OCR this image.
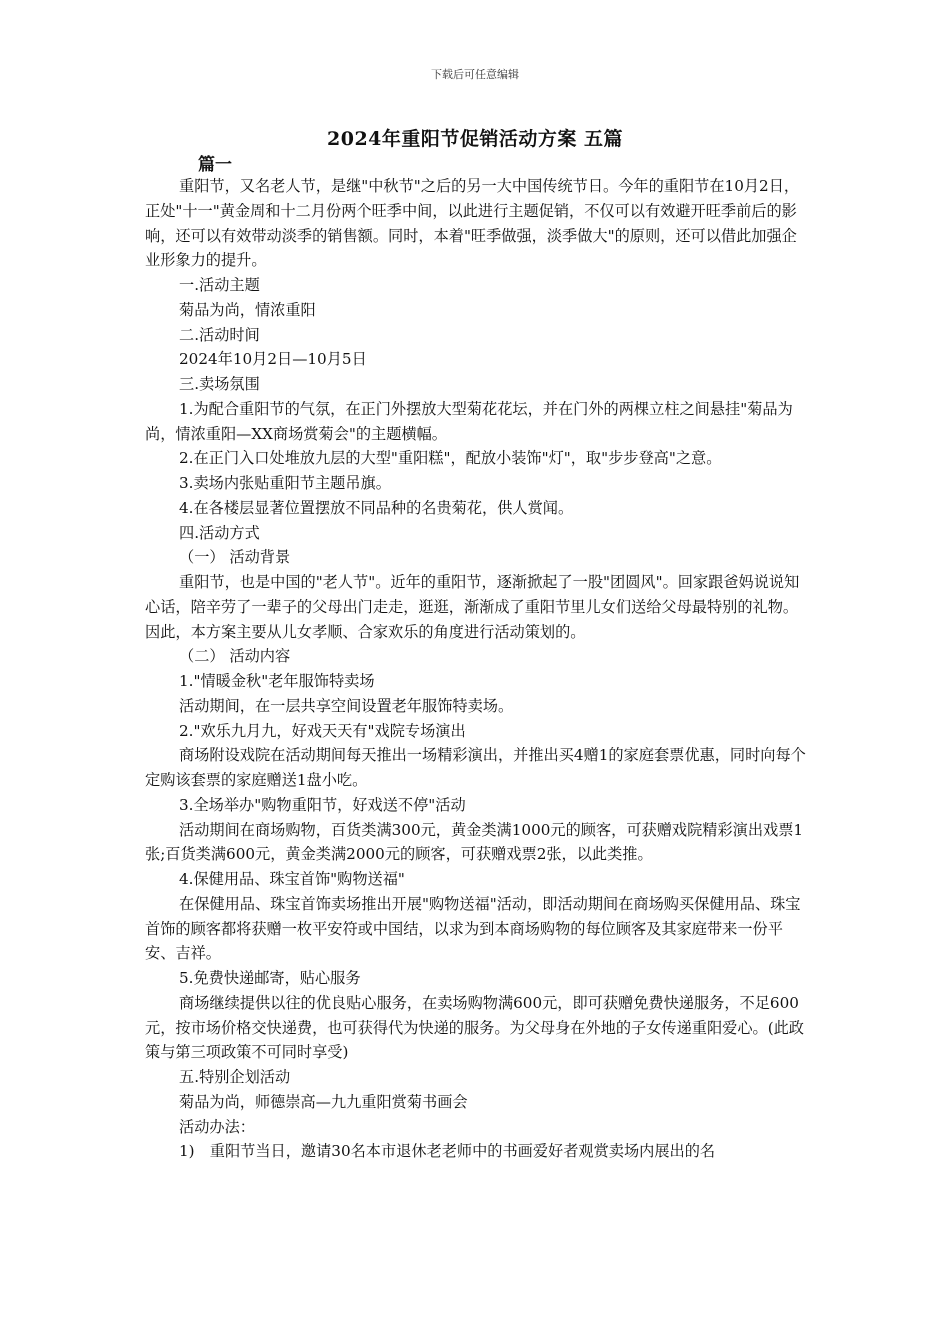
下载后可任意编辑
2024年重阳节促销活动方案 五篇
篇一

重阳节，又名老人节，是继"中秋节"之后的另一大中国传统节日。今年的重阳节在10月2日，正处"十一"黄金周和十二月份两个旺季中间，以此进行主题促销，不仅可以有效避开旺季前后的影响，还可以有效带动淡季的销售额。同时，本着"旺季做强，淡季做大"的原则，还可以借此加强企业形象力的提升。

一.活动主题

菊品为尚，情浓重阳

二.活动时间

2024年10月2日—10月5日

三.卖场氛围

1.为配合重阳节的气氛，在正门外摆放大型菊花花坛，并在门外的两棵立柱之间悬挂"菊品为尚，情浓重阳—XX商场赏菊会"的主题横幅。

2.在正门入口处堆放九层的大型"重阳糕"，配放小装饰"灯"，取"步步登高"之意。

3.卖场内张贴重阳节主题吊旗。

4.在各楼层显著位置摆放不同品种的名贵菊花，供人赏闻。

四.活动方式

（一） 活动背景

重阳节，也是中国的"老人节"。近年的重阳节，逐渐掀起了一股"团圆风"。回家跟爸妈说说知心话，陪辛劳了一辈子的父母出门走走，逛逛，渐渐成了重阳节里儿女们送给父母最特别的礼物。因此，本方案主要从儿女孝顺、合家欢乐的角度进行活动策划的。

（二） 活动内容

1."情暖金秋"老年服饰特卖场

活动期间，在一层共享空间设置老年服饰特卖场。

2."欢乐九月九，好戏天天有"戏院专场演出

商场附设戏院在活动期间每天推出一场精彩演出，并推出买4赠1的家庭套票优惠，同时向每个定购该套票的家庭赠送1盘小吃。

3.全场举办"购物重阳节，好戏送不停"活动

活动期间在商场购物，百货类满300元，黄金类满1000元的顾客，可获赠戏院精彩演出戏票1张;百货类满600元，黄金类满2000元的顾客，可获赠戏票2张，以此类推。

4.保健用品、珠宝首饰"购物送福"

在保健用品、珠宝首饰卖场推出开展"购物送福"活动，即活动期间在商场购买保健用品、珠宝首饰的顾客都将获赠一枚平安符或中国结，以求为到本商场购物的每位顾客及其家庭带来一份平安、吉祥。

5.免费快递邮寄，贴心服务

商场继续提供以往的优良贴心服务，在卖场购物满600元，即可获赠免费快递服务，不足600元，按市场价格交快递费，也可获得代为快递的服务。为父母身在外地的子女传递重阳爱心。(此政策与第三项政策不可同时享受)

五.特别企划活动

菊品为尚，师德崇高—九九重阳赏菊书画会

活动办法：

1)　重阳节当日，邀请30名本市退休老老师中的书画爱好者观赏卖场内展出的名
